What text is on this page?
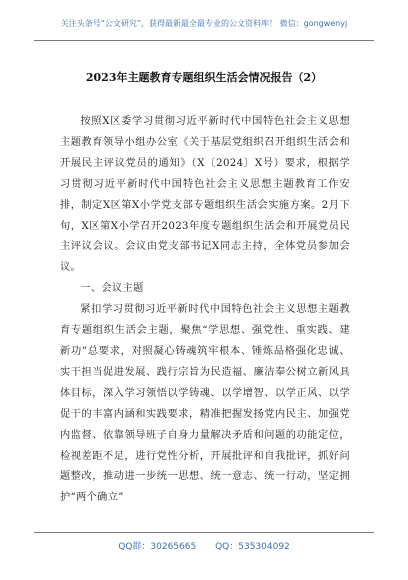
关注头条号“公文研究”，获得最新最全最专业的公文资料库！ 微信：gongwenyj
2023年主题教育专题组织生活会情况报告（2）

按照X区委学习贯彻习近平新时代中国特色社会主义思想主题教育领导小组办公室《关于基层党组织召开组织生活会和开展民主评议党员的通知》（X〔2024〕X号）要求，根据学习贯彻习近平新时代中国特色社会主义思想主题教育工作安排，制定X区第X小学党支部专题组织生活会实施方案。2月下旬，X区第X小学召开2023年度专题组织生活会和开展党员民主评议会议。会议由党支部书记X同志主持，全体党员参加会议。

一、会议主题

紧扣学习贯彻习近平新时代中国特色社会主义思想主题教育专题组织生活会主题，聚焦“学思想、强党性、重实践、建新功”总要求，对照凝心铸魂筑牢根本、锤炼品格强化忠诚、实干担当促进发展、践行宗旨为民造福、廉洁奉公树立新风具体目标，深入学习领悟以学铸魂、以学增智、以学正风、以学促干的丰富内涵和实践要求，精准把握发扬党内民主、加强党内监督、依靠领导班子自身力量解决矛盾和问题的功能定位，检视差距不足，进行党性分析，开展批评和自我批评，抓好问题整改，推动进一步统一思想、统一意志、统一行动，坚定拥护“两个确立”

QQ群：30265665 QQ：535304092
